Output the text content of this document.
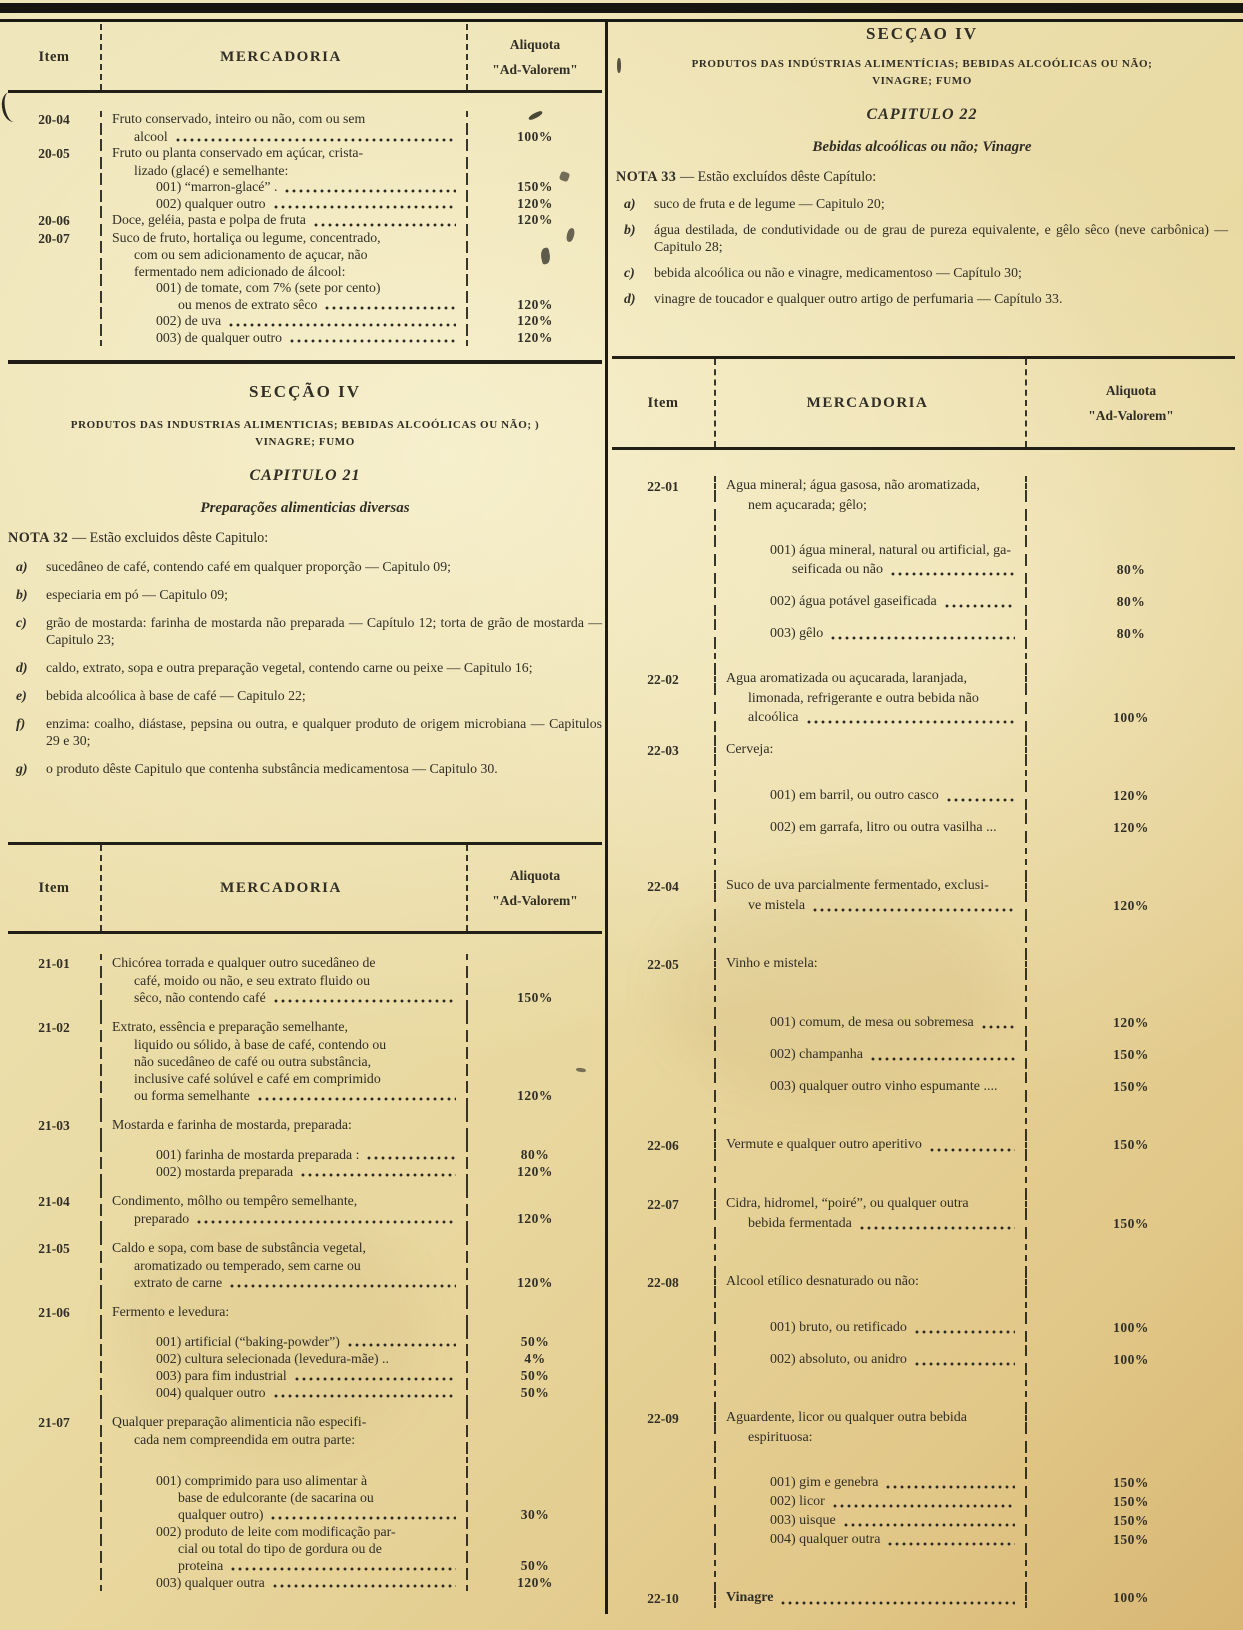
Item	MERCADORIA
Aliquota
"Ad-Valorem"
20-04	Fruto conservado, inteiro ou não, com ou sem
alcool	100%
20-05	Fruto ou planta conservado em açúcar, crista-
lizado (glacé) e semelhante:
001) “marron-glacé” .	150%
002) qualquer outro	120%
20-06	Doce, geléia, pasta e polpa de fruta	120%
20-07	Suco de fruto, hortaliça ou legume, concentrado,
com ou sem adicionamento de açucar, não
fermentado nem adicionado de álcool:
001) de tomate, com 7% (sete por cento)
ou menos de extrato sêco	120%
002) de uva	120%
003) de qualquer outro	120%

SECÇÃO IV

PRODUTOS DAS INDUSTRIAS ALIMENTICIAS; BEBIDAS ALCOÓLICAS OU NÃO; )

VINAGRE; FUMO

CAPITULO 21

Preparações alimenticias diversas

NOTA 32 — Estão excluidos dêste Capitulo:

a) sucedâneo de café, contendo café em qualquer proporção — Capitulo 09;
b) especiaria em pó — Capitulo 09;
c) grão de mostarda: farinha de mostarda não preparada — Capítulo 12; torta de grão de mostarda — Capitulo 23;
d) caldo, extrato, sopa e outra preparação vegetal, contendo carne ou peixe — Capitulo 16;
e) bebida alcoólica à base de café — Capitulo 22;
f) enzima: coalho, diástase, pepsina ou outra, e qualquer produto de origem microbiana — Capitulos 29 e 30;
g) o produto dêste Capitulo que contenha substância medicamentosa — Capitulo 30.
Item	MERCADORIA
Aliquota
"Ad-Valorem"
21-01	Chicórea torrada e qualquer outro sucedâneo de
café, moido ou não, e seu extrato fluido ou
sêco, não contendo café	150%
21-02	Extrato, essência e preparação semelhante,
liquido ou sólido, à base de café, contendo ou
não sucedâneo de café ou outra substância,
inclusive café solúvel e café em comprimido
ou forma semelhante	120%
21-03	Mostarda e farinha de mostarda, preparada:
001) farinha de mostarda preparada :	80%
002) mostarda preparada	120%
21-04	Condimento, môlho ou tempêro semelhante,
preparado	120%
21-05	Caldo e sopa, com base de substância vegetal,
aromatizado ou temperado, sem carne ou
extrato de carne	120%
21-06	Fermento e levedura:
001) artificial (“baking-powder”)	50%
002) cultura selecionada (levedura-mãe) ..	4%
003) para fim industrial	50%
004) qualquer outro	50%
21-07	Qualquer preparação alimenticia não especifi-
cada nem compreendida em outra parte:
001) comprimido para uso alimentar à
base de edulcorante (de sacarina ou
qualquer outro)	30%
002) produto de leite com modificação par-
cial ou total do tipo de gordura ou de
proteina	50%
003) qualquer outra	120%

SECÇAO IV

PRODUTOS DAS INDÚSTRIAS ALIMENTÍCIAS; BEBIDAS ALCOÓLICAS OU NÃO;

VINAGRE; FUMO

CAPITULO 22

Bebidas alcoólicas ou não; Vinagre

NOTA 33 — Estão excluídos dêste Capítulo:

a) suco de fruta e de legume — Capitulo 20;
b) água destilada, de condutividade ou de grau de pureza equivalente, e gêlo sêco (neve carbônica) — Capitulo 28;
c) bebida alcoólica ou não e vinagre, medicamentoso — Capítulo 30;
d) vinagre de toucador e qualquer outro artigo de perfumaria — Capítulo 33.
Item	MERCADORIA
Aliquota
"Ad-Valorem"
22-01	Agua mineral; água gasosa, não aromatizada,
nem açucarada; gêlo;
001) água mineral, natural ou artificial, ga-
seificada ou não	80%
002) água potável gaseificada	80%
003) gêlo	80%
22-02	Agua aromatizada ou açucarada, laranjada,
limonada, refrigerante e outra bebida não
alcoólica	100%
22-03	Cerveja:
001) em barril, ou outro casco	120%
002) em garrafa, litro ou outra vasilha ...	120%
22-04	Suco de uva parcialmente fermentado, exclusi-
ve mistela	120%
22-05	Vinho e mistela:
001) comum, de mesa ou sobremesa	120%
002) champanha	150%
003) qualquer outro vinho espumante ....	150%
22-06	Vermute e qualquer outro aperitivo	150%
22-07	Cidra, hidromel, “poiré”, ou qualquer outra
bebida fermentada	150%
22-08	Alcool etílico desnaturado ou não:
001) bruto, ou retificado	100%
002) absoluto, ou anidro	100%
22-09	Aguardente, licor ou qualquer outra bebida
espirituosa:
001) gim e genebra	150%
002) licor	150%
003) uisque	150%
004) qualquer outra	150%
22-10	Vinagre	100%
